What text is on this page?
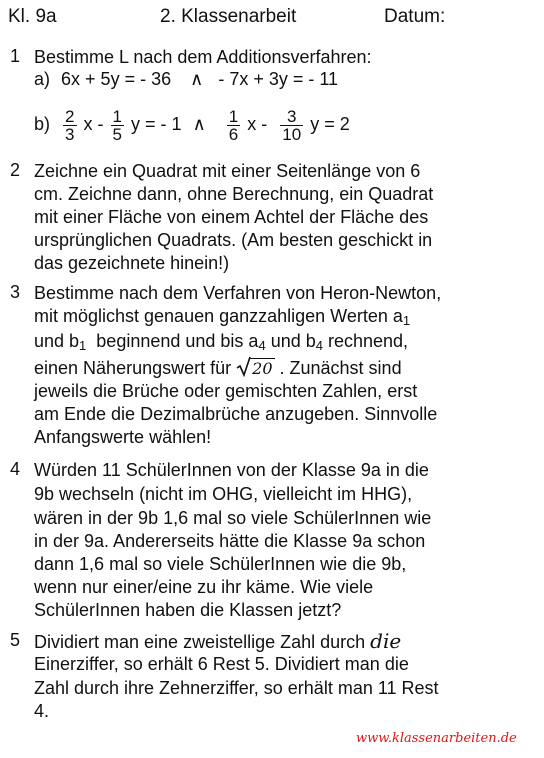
Kl. 9a	2. Klassenarbeit	Datum:
1 Bestimme L nach dem Additionsverfahren:
a) 6x + 5y = - 36 ∧ - 7x + 3y = - 11
$b) \frac{2}{3}$ x - $\frac{1}{5}$ y = - 1 ∧ $\frac{1}{6}$ x - $\frac{3}{10}$ y = 2
2 Zeichne ein Quadrat mit einer Seitenlänge von 6
cm. Zeichne dann, ohne Berechnung, ein Quadrat
mit einer Fläche von einem Achtel der Fläche des
ursprünglichen Quadrats. (Am besten geschickt in
das gezeichnete hinein!)
3 Bestimme nach dem Verfahren von Heron-Newton,
mit möglichst genauen ganzzahligen Werten $a_1$
und $b_1$ beginnend und bis $a_4$ und $b_4$ rechnend,
einen Näherungswert für 20 . Zunächst sind
jeweils die Brüche oder gemischten Zahlen, erst
am Ende die Dezimalbrüche anzugeben. Sinnvolle
Anfangswerte wählen!
4 Würden 11 SchülerInnen von der Klasse 9a in die
9b wechseln (nicht im OHG, vielleicht im HHG),
wären in der 9b 1,6 mal so viele SchülerInnen wie
in der 9a. Andererseits hätte die Klasse 9a schon
dann 1,6 mal so viele SchülerInnen wie die 9b,
wenn nur einer/eine zu ihr käme. Wie viele
SchülerInnen haben die Klassen jetzt?
5 Dividiert man eine zweistellige Zahl durch die
Einerziffer, so erhält 6 Rest 5. Dividiert man die
Zahl durch ihre Zehnerziffer, so erhält man 11 Rest
4.
www.klassenarbeiten.de
